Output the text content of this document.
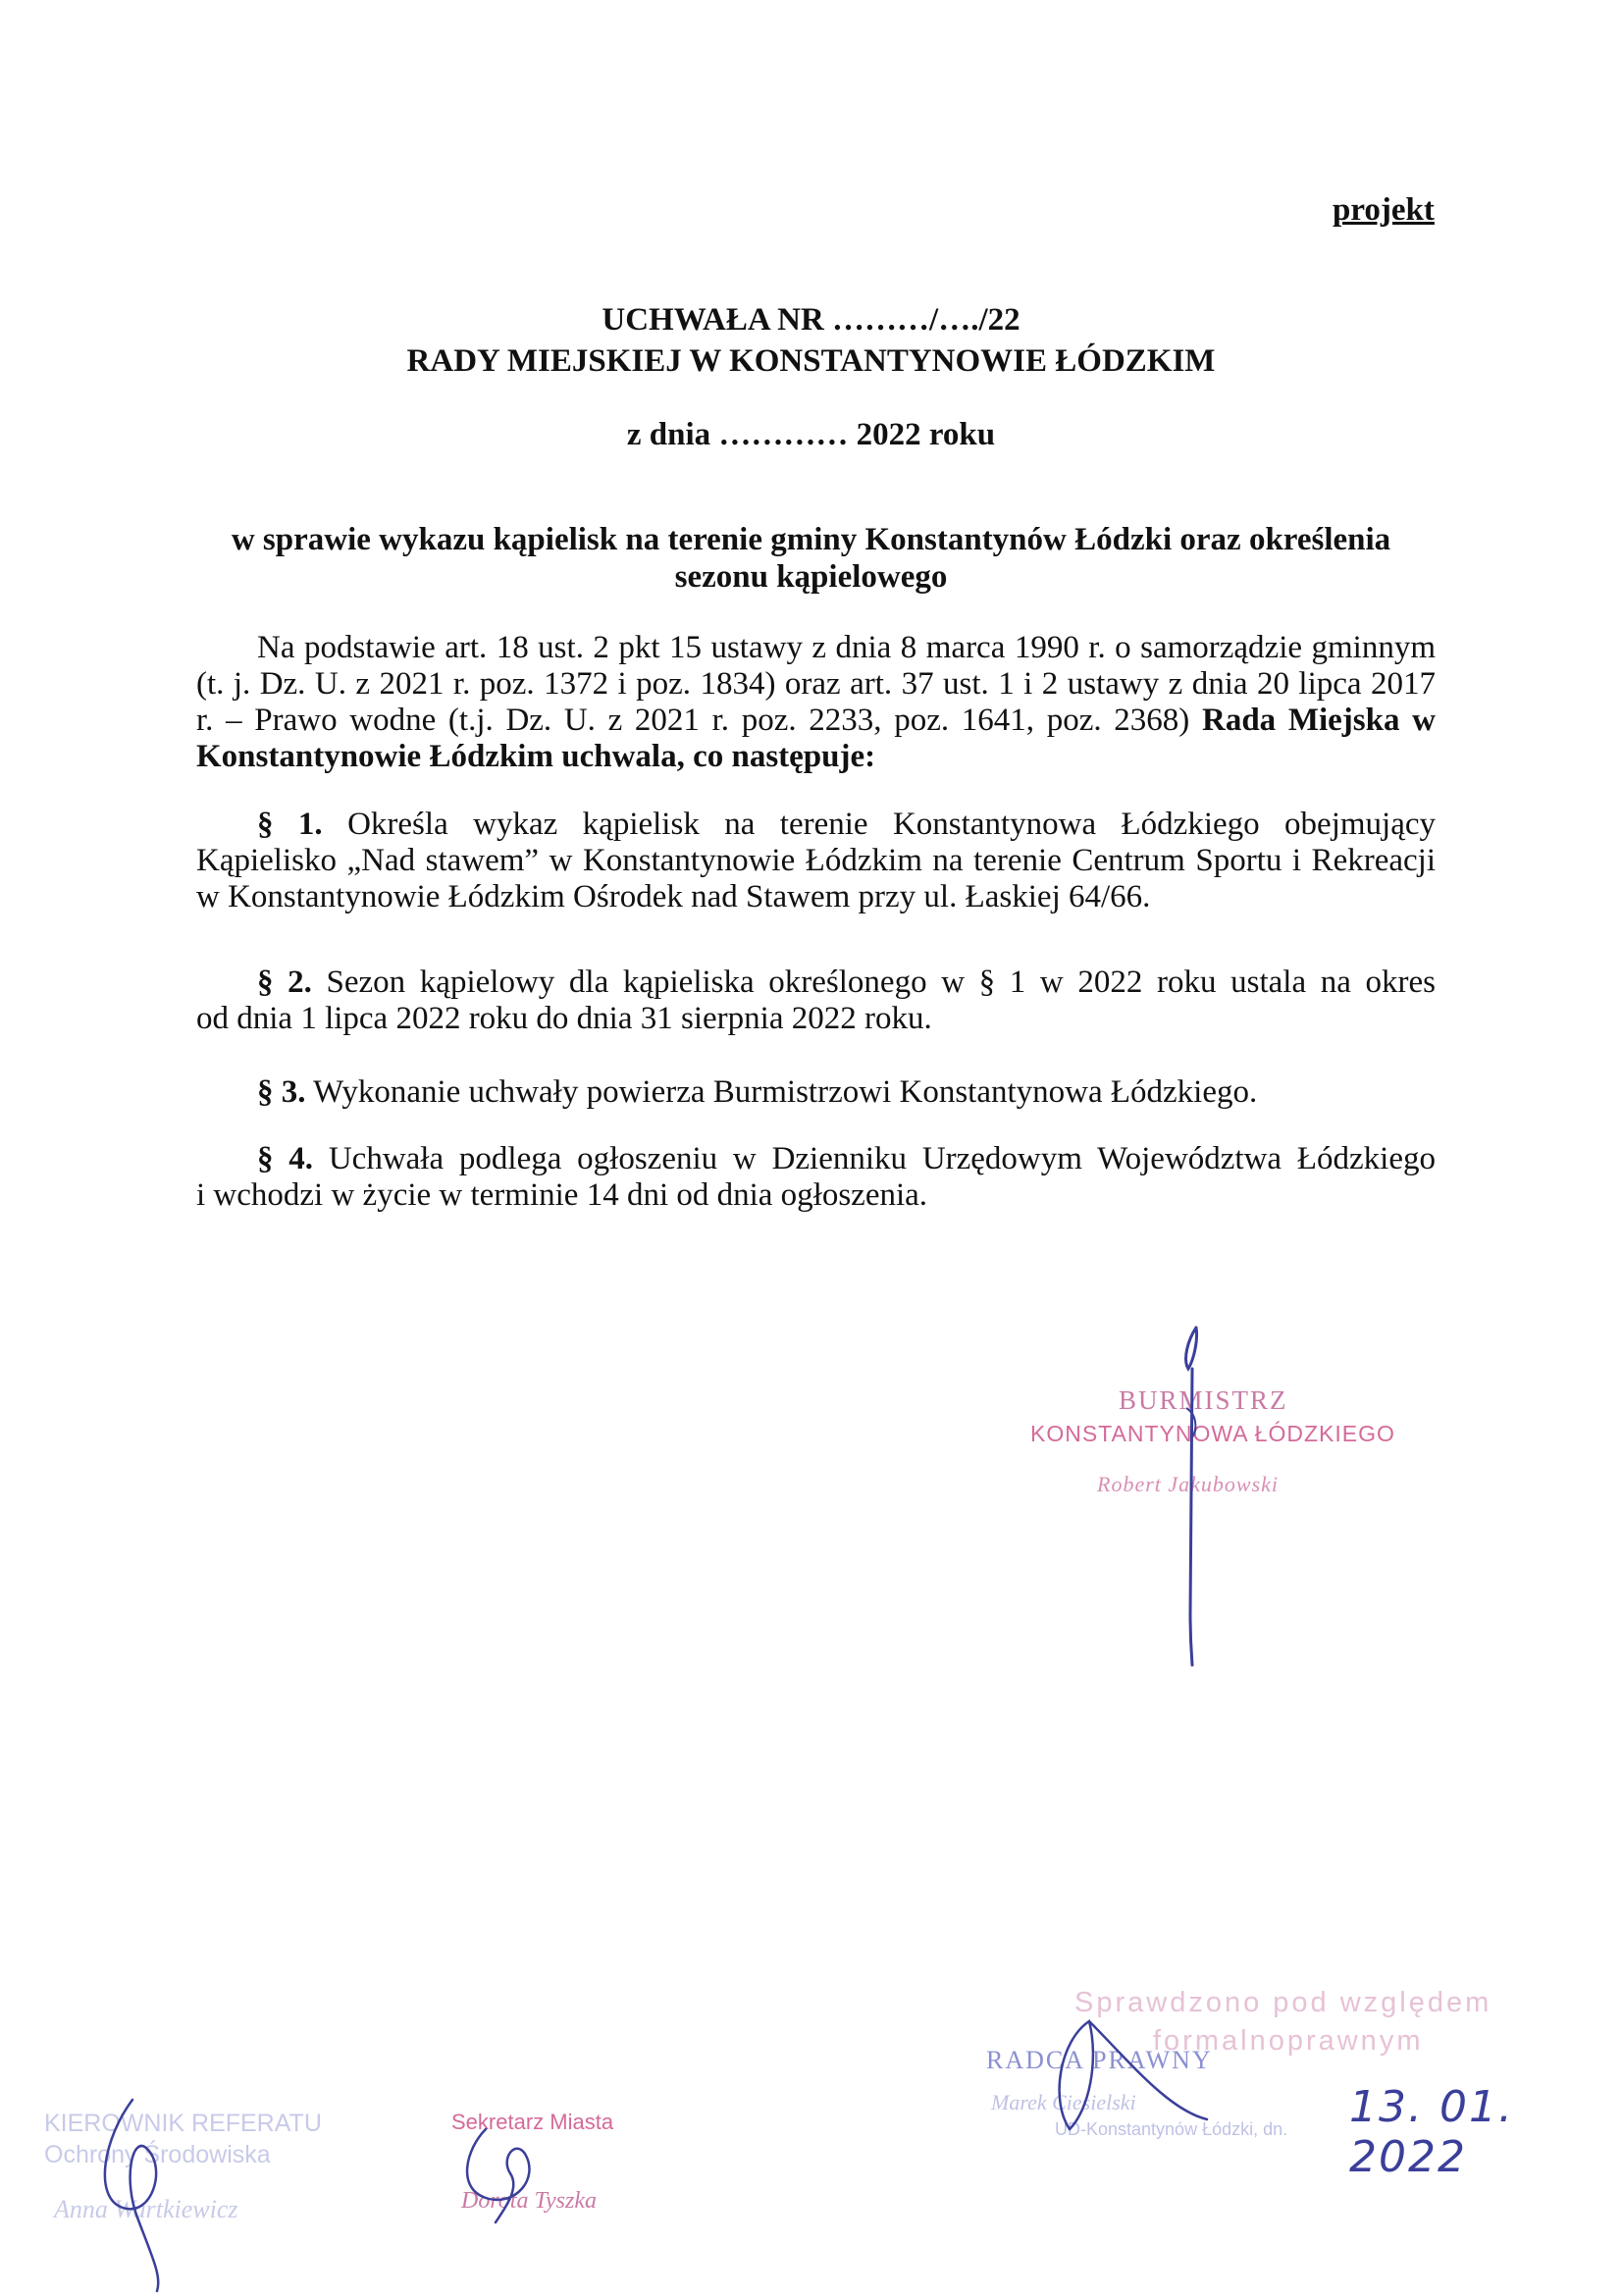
projekt
UCHWAŁA NR ………/…./22
RADY MIEJSKIEJ W KONSTANTYNOWIE ŁÓDZKIM
z dnia ………… 2022 roku
w sprawie wykazu kąpielisk na terenie gminy Konstantynów Łódzki oraz określenia
sezonu kąpielowego
Na podstawie art. 18 ust. 2 pkt 15 ustawy z dnia 8 marca 1990 r. o samorządzie gminnym
(t. j. Dz. U. z 2021 r. poz. 1372 i poz. 1834) oraz art. 37 ust. 1 i 2 ustawy z dnia 20 lipca 2017
r. – Prawo wodne (t.j. Dz. U. z 2021 r. poz. 2233, poz. 1641, poz. 2368) Rada Miejska w
Konstantynowie Łódzkim uchwala, co następuje:
§ 1. Określa wykaz kąpielisk na terenie Konstantynowa Łódzkiego obejmujący
Kąpielisko „Nad stawem” w Konstantynowie Łódzkim na terenie Centrum Sportu i Rekreacji
w Konstantynowie Łódzkim Ośrodek nad Stawem przy ul. Łaskiej 64/66.
§ 2. Sezon kąpielowy dla kąpieliska określonego w § 1 w 2022 roku ustala na okres
od dnia 1 lipca 2022 roku do dnia 31 sierpnia 2022 roku.
§ 3. Wykonanie uchwały powierza Burmistrzowi Konstantynowa Łódzkiego.
§ 4. Uchwała podlega ogłoszeniu w Dzienniku Urzędowym Województwa Łódzkiego
i wchodzi w życie w terminie 14 dni od dnia ogłoszenia.
BURMISTRZ
KONSTANTYNOWA ŁÓDZKIEGO
Robert Jakubowski
Sprawdzono pod względem
formalnoprawnym
RADCA PRAWNY
Marek Ciesielski
UD-Konstantynów Łódzki, dn. 13. 01. 2022
Sekretarz Miasta
Dorota Tyszka
KIEROWNIK REFERATU
Ochrony Środowiska
Anna Wartkiewicz
